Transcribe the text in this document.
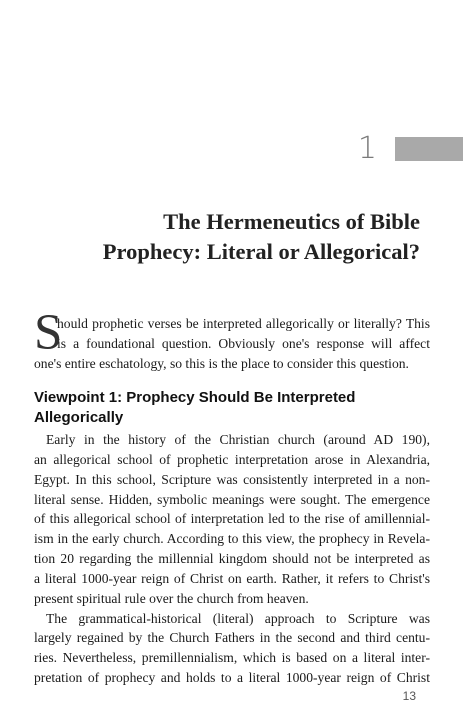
1
The Hermeneutics of Bible
Prophecy: Literal or Allegorical?
S
hould prophetic verses be interpreted allegorically or literally? This
is a foundational question. Obviously one's response will affect
one's entire eschatology, so this is the place to consider this question.

Viewpoint 1: Prophecy Should Be Interpreted

Allegorically

Early in the history of the Christian church (around AD 190),
an allegorical school of prophetic interpretation arose in Alexandria,
Egypt. In this school, Scripture was consistently interpreted in a non-
literal sense. Hidden, symbolic meanings were sought. The emergence
of this allegorical school of interpretation led to the rise of amillennial-
ism in the early church. According to this view, the prophecy in Revela-
tion 20 regarding the millennial kingdom should not be interpreted as
a literal 1000-year reign of Christ on earth. Rather, it refers to Christ's
present spiritual rule over the church from heaven.
The grammatical-historical (literal) approach to Scripture was
largely regained by the Church Fathers in the second and third centu-
ries. Nevertheless, premillennialism, which is based on a literal inter-
pretation of prophecy and holds to a literal 1000-year reign of Christ
13
